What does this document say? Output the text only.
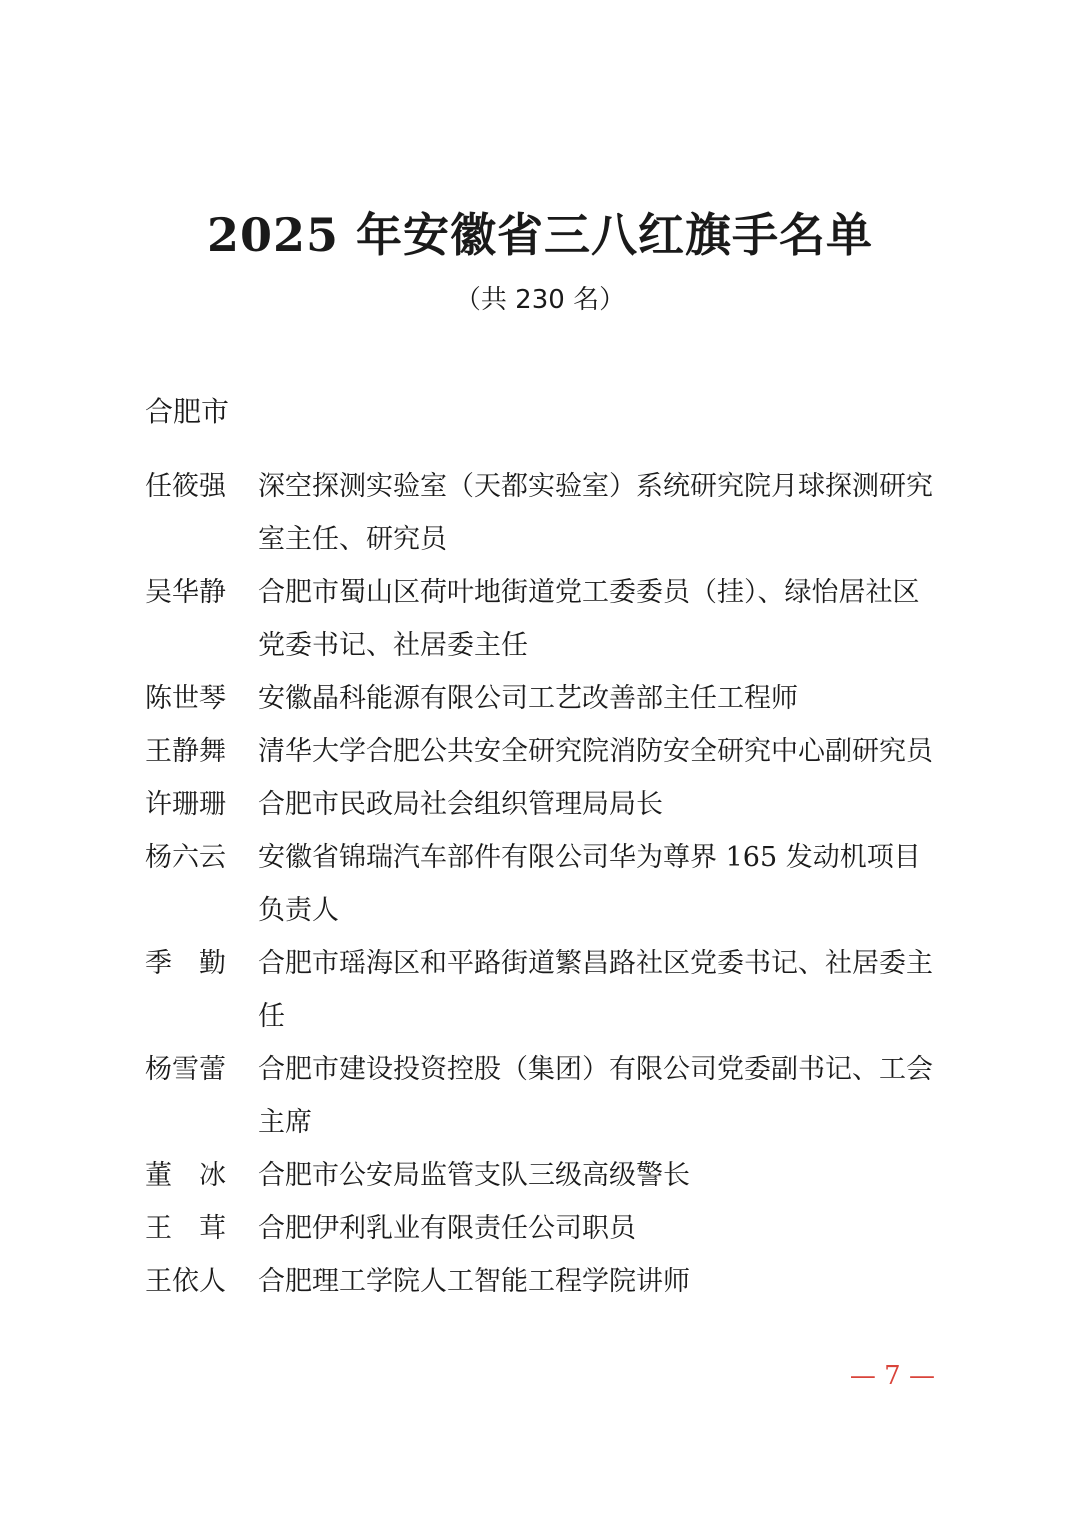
2025 年安徽省三八红旗手名单
（共 230 名）
合肥市
任筱强	深空探测实验室（天都实验室）系统研究院月球探测研究室主任、研究员
吴华静	合肥市蜀山区荷叶地街道党工委委员（挂）、绿怡居社区党委书记、社居委主任
陈世琴	安徽晶科能源有限公司工艺改善部主任工程师
王静舞	清华大学合肥公共安全研究院消防安全研究中心副研究员
许珊珊	合肥市民政局社会组织管理局局长
杨六云	安徽省锦瑞汽车部件有限公司华为尊界 165 发动机项目负责人
季勤 合肥市瑶海区和平路街道繁昌路社区党委书记、社居委主任
杨雪蕾	合肥市建设投资控股（集团）有限公司党委副书记、工会主席
董冰 合肥市公安局监管支队三级高级警长
王茸 合肥伊利乳业有限责任公司职员
王依人	合肥理工学院人工智能工程学院讲师
— 7 —
